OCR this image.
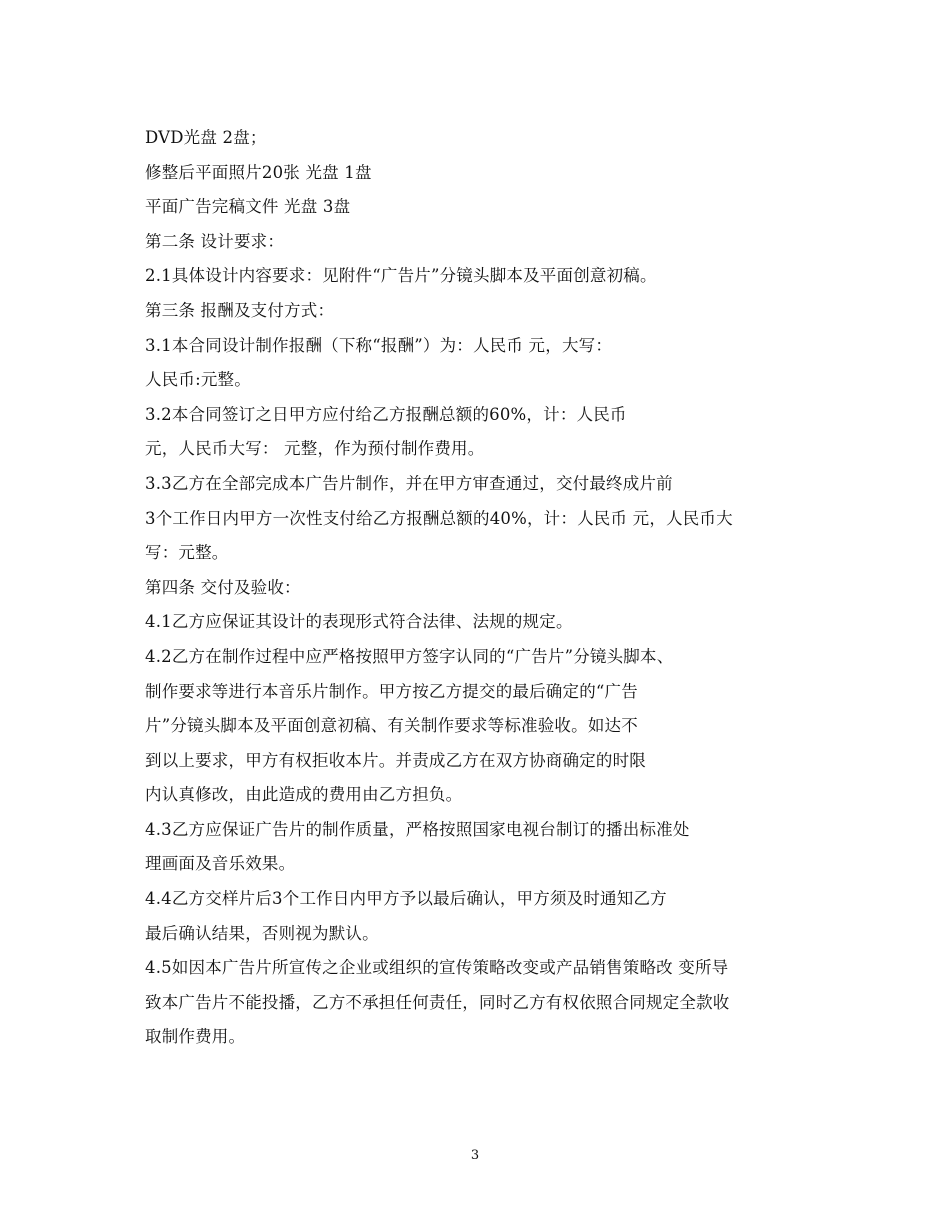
DVD光盘 2盘；
修整后平面照片20张 光盘 1盘
平面广告完稿文件 光盘 3盘
第二条 设计要求：
2.1具体设计内容要求：见附件“广告片”分镜头脚本及平面创意初稿。
第三条 报酬及支付方式：
3.1本合同设计制作报酬（下称“报酬”）为：人民币 元，大写：
人民币:元整。
3.2本合同签订之日甲方应付给乙方报酬总额的60%，计：人民币
元，人民币大写： 元整，作为预付制作费用。
3.3乙方在全部完成本广告片制作，并在甲方审查通过，交付最终成片前
3个工作日内甲方一次性支付给乙方报酬总额的40%，计：人民币 元，人民币大
写：元整。
第四条 交付及验收：
4.1乙方应保证其设计的表现形式符合法律、法规的规定。
4.2乙方在制作过程中应严格按照甲方签字认同的“广告片”分镜头脚本、
制作要求等进行本音乐片制作。甲方按乙方提交的最后确定的“广告
片”分镜头脚本及平面创意初稿、有关制作要求等标准验收。如达不
到以上要求，甲方有权拒收本片。并责成乙方在双方协商确定的时限
内认真修改，由此造成的费用由乙方担负。
4.3乙方应保证广告片的制作质量，严格按照国家电视台制订的播出标准处
理画面及音乐效果。
4.4乙方交样片后3个工作日内甲方予以最后确认，甲方须及时通知乙方
最后确认结果，否则视为默认。
4.5如因本广告片所宣传之企业或组织的宣传策略改变或产品销售策略改 变所导
致本广告片不能投播，乙方不承担任何责任，同时乙方有权依照合同规定全款收
取制作费用。
3
